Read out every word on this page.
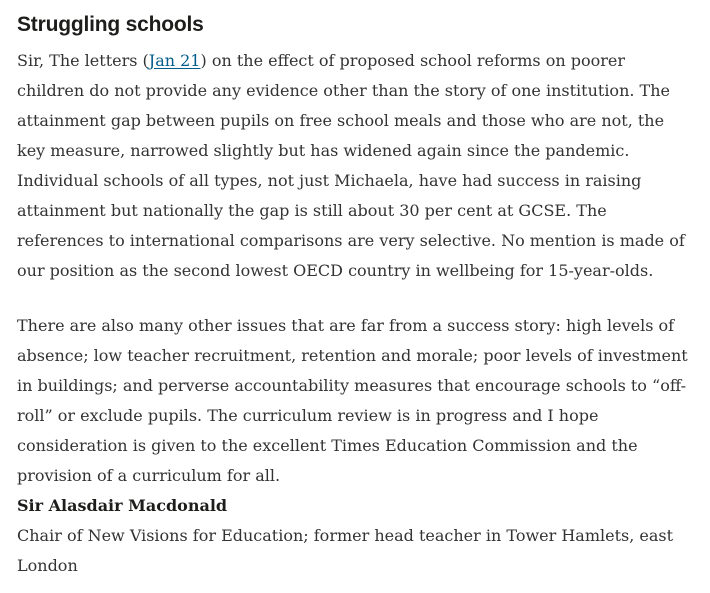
Struggling schools

Sir, The letters (Jan 21) on the effect of proposed school reforms on poorer children do not provide any evidence other than the story of one institution. The attainment gap between pupils on free school meals and those who are not, the key measure, narrowed slightly but has widened again since the pandemic. Individual schools of all types, not just Michaela, have had success in raising attainment but nationally the gap is still about 30 per cent at GCSE. The references to international comparisons are very selective. No mention is made of our position as the second lowest OECD country in wellbeing for 15-year-olds.

There are also many other issues that are far from a success story: high levels of absence; low teacher recruitment, retention and morale; poor levels of investment in buildings; and perverse accountability measures that encourage schools to “off-roll” or exclude pupils. The curriculum review is in progress and I hope consideration is given to the excellent Times Education Commission and the provision of a curriculum for all.

Sir Alasdair Macdonald

Chair of New Visions for Education; former head teacher in Tower Hamlets, east London
